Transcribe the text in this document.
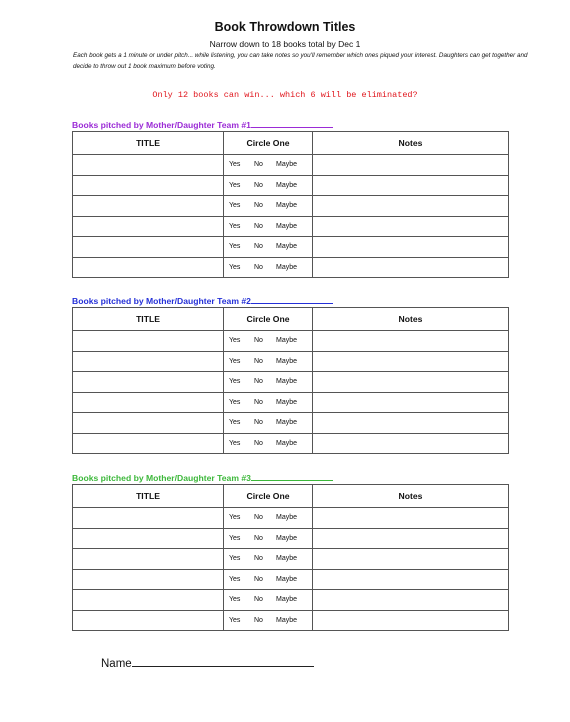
Book Throwdown Titles
Narrow down to 18 books total by Dec 1
Each book gets a 1 minute or under pitch... while listening, you can take notes so you'll remember which ones piqued your interest. Daughters can get together and decide to throw out 1 book maximum before voting.
Only 12 books can win... which 6 will be eliminated?
Books pitched by Mother/Daughter Team #1
TITLE	Circle One	Notes
	Yes No Maybe	
	Yes No Maybe	
	Yes No Maybe	
	Yes No Maybe	
	Yes No Maybe	
	Yes No Maybe	
Books pitched by Mother/Daughter Team #2
TITLE	Circle One	Notes
	Yes No Maybe	
	Yes No Maybe	
	Yes No Maybe	
	Yes No Maybe	
	Yes No Maybe	
	Yes No Maybe	
Books pitched by Mother/Daughter Team #3
TITLE	Circle One	Notes
	Yes No Maybe	
	Yes No Maybe	
	Yes No Maybe	
	Yes No Maybe	
	Yes No Maybe	
	Yes No Maybe	
Name
